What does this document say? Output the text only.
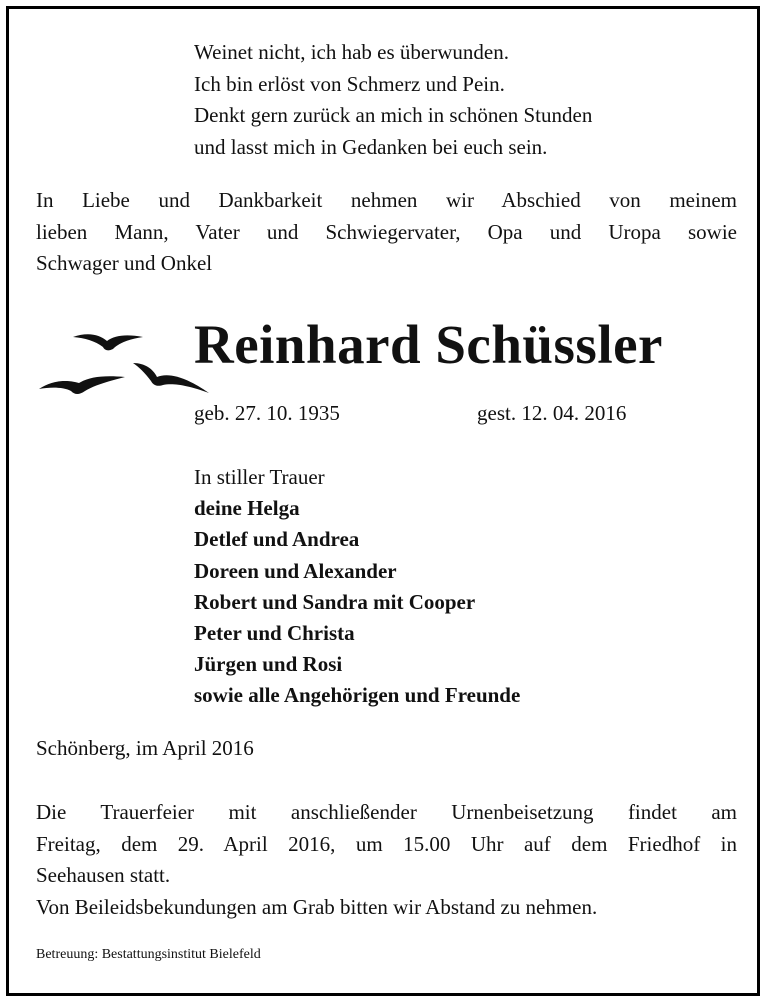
Weinet nicht, ich hab es überwunden.
Ich bin erlöst von Schmerz und Pein.
Denkt gern zurück an mich in schönen Stunden
und lasst mich in Gedanken bei euch sein.
In Liebe und Dankbarkeit nehmen wir Abschied von meinem
lieben Mann, Vater und Schwiegervater, Opa und Uropa sowie
Schwager und Onkel
Reinhard Schüssler
geb. 27. 10. 1935	gest. 12. 04. 2016
In stiller Trauer
deine Helga
Detlef und Andrea
Doreen und Alexander
Robert und Sandra mit Cooper
Peter und Christa
Jürgen und Rosi
sowie alle Angehörigen und Freunde
Schönberg, im April 2016
Die Trauerfeier mit anschließender Urnenbeisetzung findet am
Freitag, dem 29. April 2016, um 15.00 Uhr auf dem Friedhof in
Seehausen statt.
Von Beileidsbekundungen am Grab bitten wir Abstand zu nehmen.
Betreuung: Bestattungsinstitut Bielefeld
